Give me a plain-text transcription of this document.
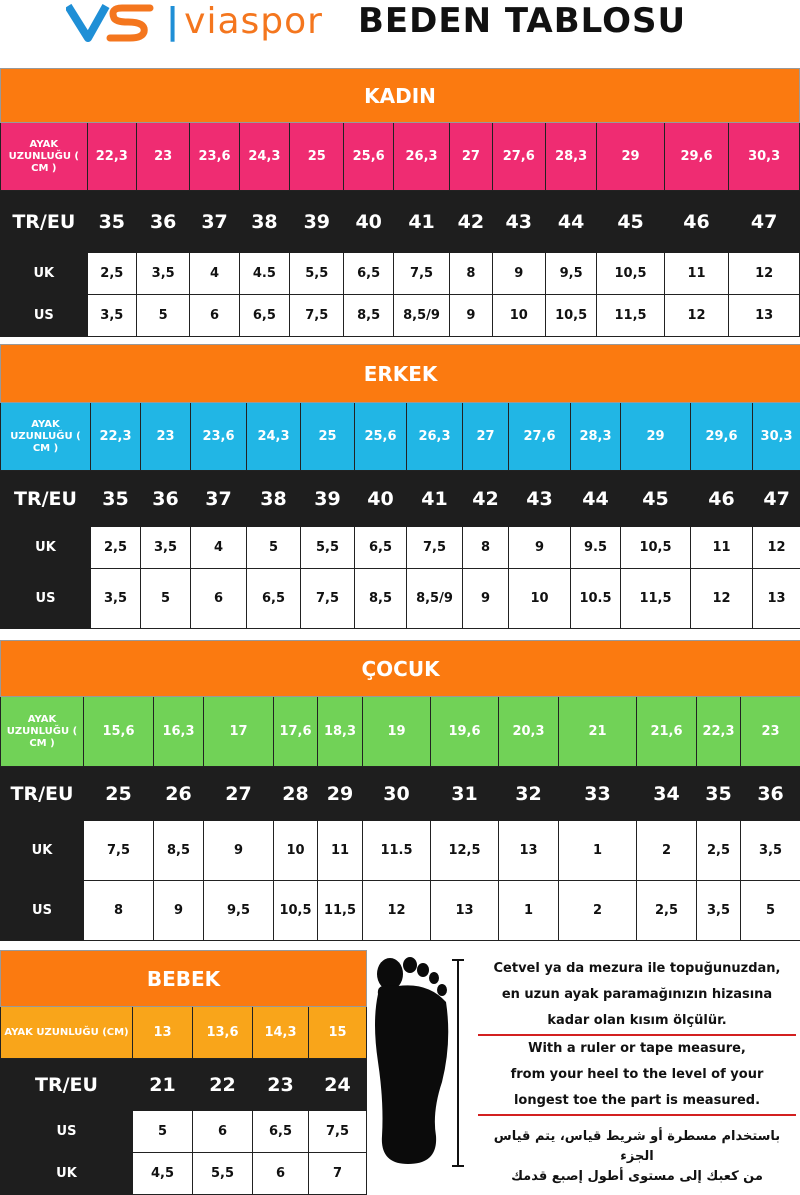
| viaspor BEDEN TABLOSU
KADIN													
AYAK UZUNLUĞU ( CM )	22,3	23	23,6	24,3	25	25,6	26,3	27	27,6	28,3	29	29,6	30,3
TR/EU	35	36	37	38	39	40	41	42	43	44	45	46	47
UK	2,5	3,5	4	4.5	5,5	6,5	7,5	8	9	9,5	10,5	11	12
US	3,5	5	6	6,5	7,5	8,5	8,5/9	9	10	10,5	11,5	12	13
ERKEK													
AYAK UZUNLUĞU ( CM )	22,3	23	23,6	24,3	25	25,6	26,3	27	27,6	28,3	29	29,6	30,3
TR/EU	35	36	37	38	39	40	41	42	43	44	45	46	47
UK	2,5	3,5	4	5	5,5	6,5	7,5	8	9	9.5	10,5	11	12
US	3,5	5	6	6,5	7,5	8,5	8,5/9	9	10	10.5	11,5	12	13
ÇOCUK												
AYAK UZUNLUĞU ( CM )	15,6	16,3	17	17,6	18,3	19	19,6	20,3	21	21,6	22,3	23
TR/EU	25	26	27	28	29	30	31	32	33	34	35	36
UK	7,5	8,5	9	10	11	11.5	12,5	13	1	2	2,5	3,5
US	8	9	9,5	10,5	11,5	12	13	1	2	2,5	3,5	5
BEBEK				
AYAK UZUNLUĞU (CM)	13	13,6	14,3	15
TR/EU	21	22	23	24
US	5	6	6,5	7,5
UK	4,5	5,5	6	7
Cetvel ya da mezura ile topuğunuzdan,
en uzun ayak paramağınızın hizasına
kadar olan kısım ölçülür.
With a ruler or tape measure,
from your heel to the level of your
longest toe the part is measured.
باستخدام مسطرة أو شريط قياس، يتم قياس الجزء
من كعبك إلى مستوى أطول إصبع قدمك
